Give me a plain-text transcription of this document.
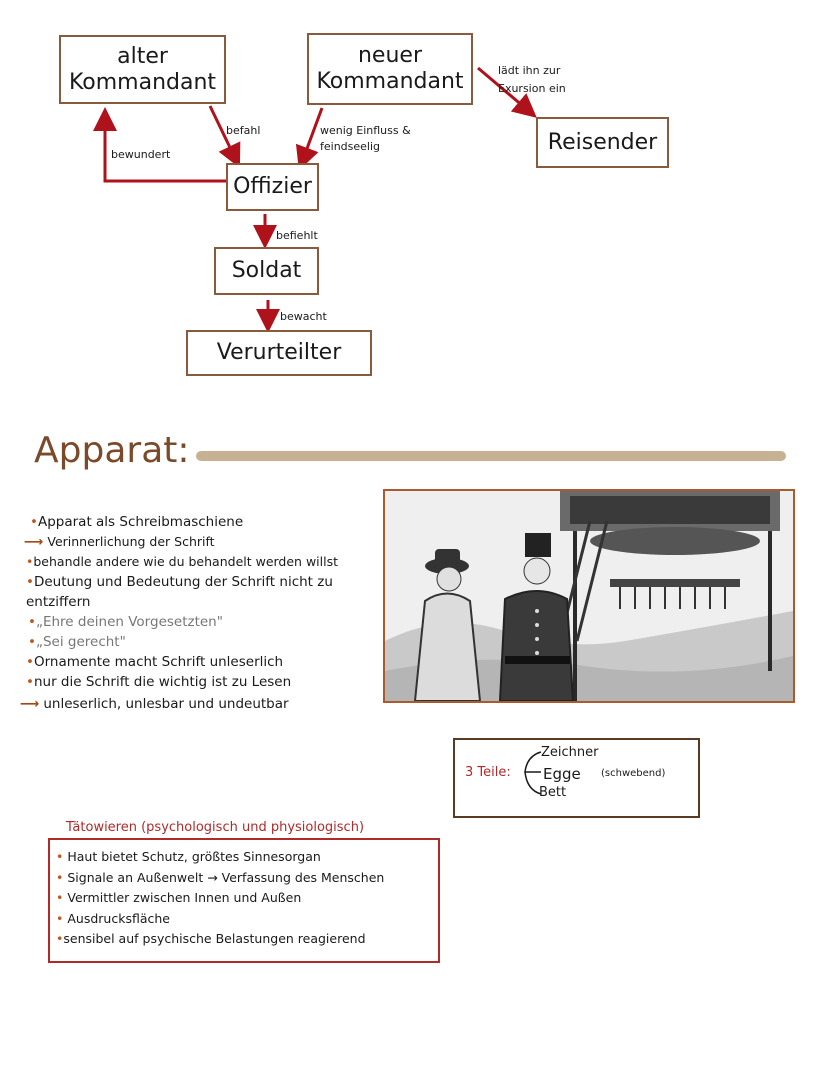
alter
Kommandant
neuer
Kommandant
Reisender
Offizier
Soldat
Verurteilter
befahl
bewundert
wenig Einfluss &
feindseelig
lädt ihn zur
Exursion ein
befiehlt
bewacht
Apparat:
•Apparat als Schreibmaschiene
⟶ Verinnerlichung der Schrift
•behandle andere wie du behandelt werden willst
•Deutung und Bedeutung der Schrift nicht zu entziffern
•„Ehre deinen Vorgesetzten"
•„Sei gerecht"
•Ornamente macht Schrift unleserlich
•nur die Schrift die wichtig ist zu Lesen
⟶ unleserlich, unlesbar und undeutbar
3 Teile:
Zeichner
Egge (schwebend)
Bett
Tätowieren (psychologisch und physiologisch)
• Haut bietet Schutz, größtes Sinnesorgan
• Signale an Außenwelt → Verfassung des Menschen
• Vermittler zwischen Innen und Außen
• Ausdrucksfläche
•sensibel auf psychische Belastungen reagierend
